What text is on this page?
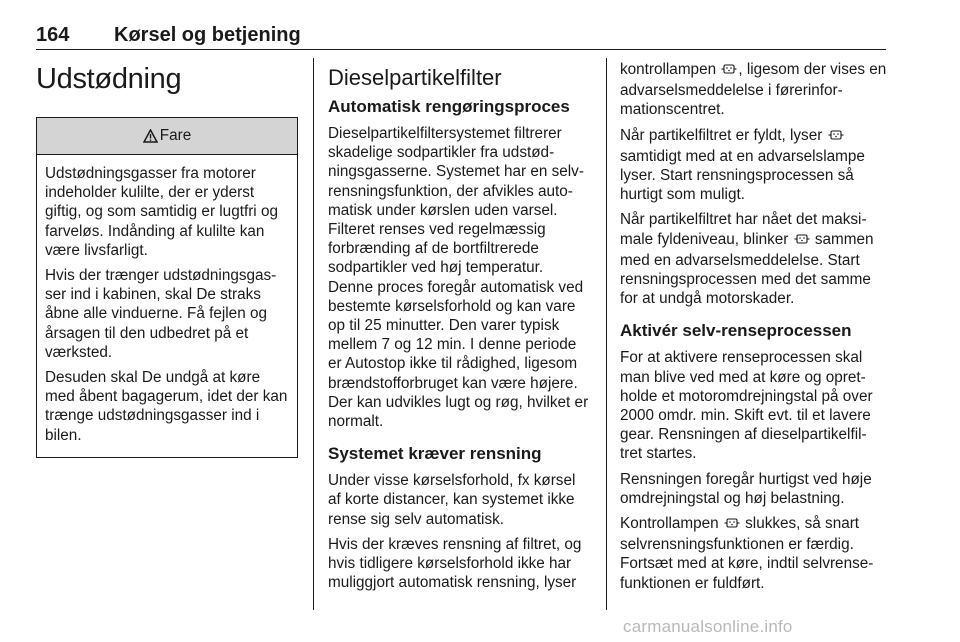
164 Kørsel og betjening
Udstødning
Fare

Udstødningsgasser fra motorer indeholder kulilte, der er yderst giftig, og som samtidig er lugtfri og farveløs. Indånding af kulilte kan være livsfarligt.

Hvis der trænger udstødningsgas-ser ind i kabinen, skal De straks åbne alle vinduerne. Få fejlen og årsagen til den udbedret på et værksted.

Desuden skal De undgå at køre med åbent bagagerum, idet der kan trænge udstødningsgasser ind i bilen.

Dieselpartikelfilter
Automatisk rengøringsproces

Dieselpartikelfiltersystemet filtrerer skadelige sodpartikler fra udstød-ningsgasserne. Systemet har en selv-rensningsfunktion, der afvikles auto-matisk under kørslen uden varsel. Filteret renses ved regelmæssig forbrænding af de bortfiltrerede sodpartikler ved høj temperatur. Denne proces foregår automatisk ved bestemte kørselsforhold og kan vare op til 25 minutter. Den varer typisk mellem 7 og 12 min. I denne periode er Autostop ikke til rådighed, ligesom brændstofforbruget kan være højere. Der kan udvikles lugt og røg, hvilket er normalt.

Systemet kræver rensning

Under visse kørselsforhold, fx kørsel af korte distancer, kan systemet ikke rense sig selv automatisk.

Hvis der kræves rensning af filtret, og hvis tidligere kørselsforhold ikke har muliggjort automatisk rensning, lyser

kontrollampen , ligesom der vises en advarselsmeddelelse i førerinfor-mationscentret.

Når partikelfiltret er fyldt, lyser  samtidigt med at en advarselslampe lyser. Start rensningsprocessen så hurtigt som muligt.

Når partikelfiltret har nået det maksi-male fyldeniveau, blinker sammen med en advarselsmeddelelse. Start rensningsprocessen med det samme for at undgå motorskader.

Aktivér selv-renseprocessen

For at aktivere renseprocessen skal man blive ved med at køre og opret-holde et motoromdrejningstal på over 2000 omdr. min. Skift evt. til et lavere gear. Rensningen af dieselpartikelfil-tret startes.

Rensningen foregår hurtigst ved høje omdrejningstal og høj belastning.

Kontrollampen slukkes, så snart selvrensningsfunktionen er færdig. Fortsæt med at køre, indtil selvrense-funktionen er fuldført.

carmanualsonline.info
